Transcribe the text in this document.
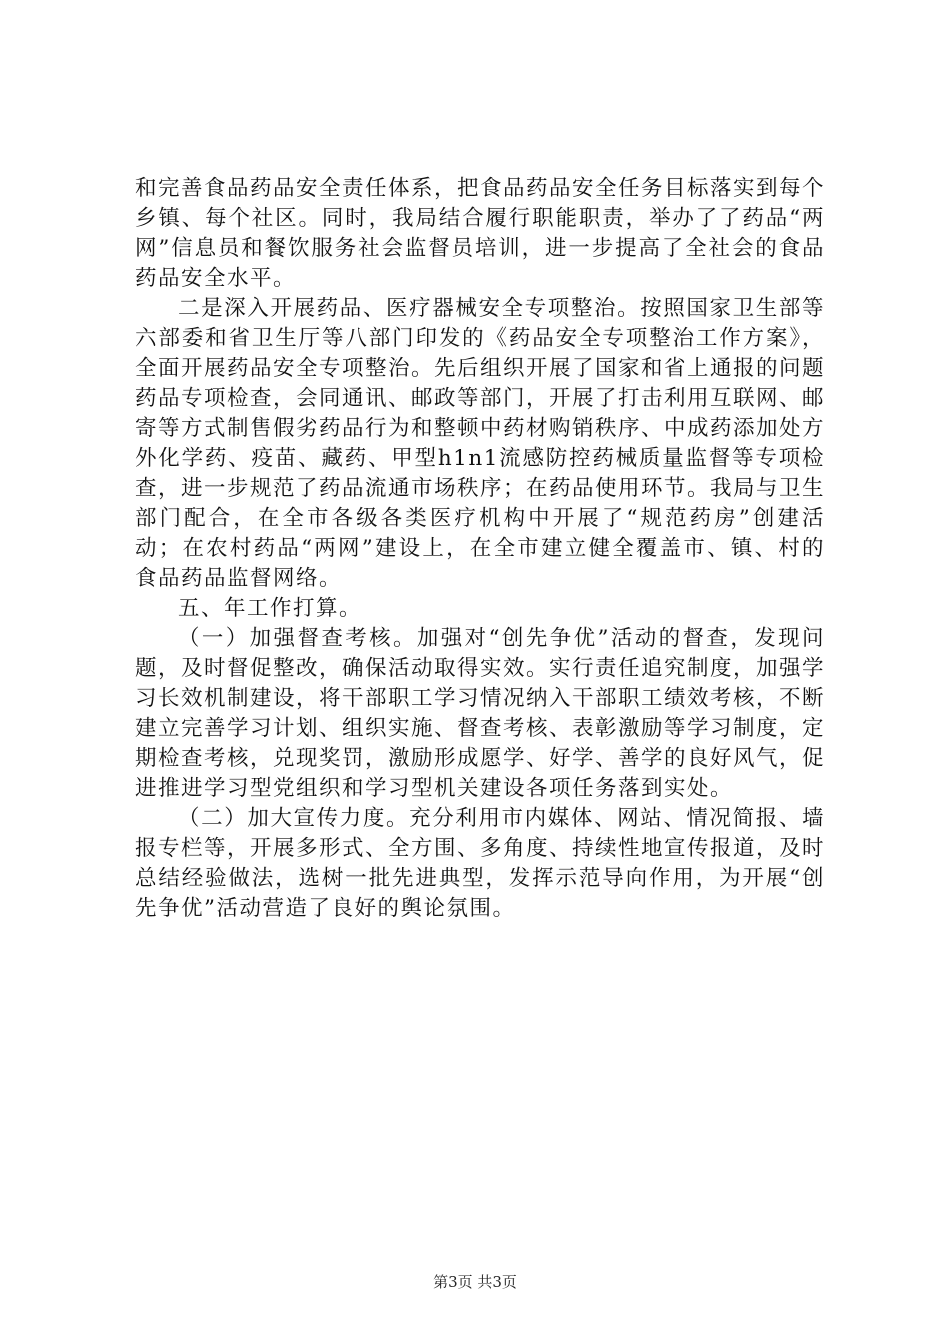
和完善食品药品安全责任体系，把食品药品安全任务目标落实到每个乡镇、每个社区。同时，我局结合履行职能职责，举办了了药品“两网”信息员和餐饮服务社会监督员培训，进一步提高了全社会的食品药品安全水平。

二是深入开展药品、医疗器械安全专项整治。按照国家卫生部等六部委和省卫生厅等八部门印发的《药品安全专项整治工作方案》，全面开展药品安全专项整治。先后组织开展了国家和省上通报的问题药品专项检查，会同通讯、邮政等部门，开展了打击利用互联网、邮寄等方式制售假劣药品行为和整顿中药材购销秩序、中成药添加处方外化学药、疫苗、藏药、甲型h1n1流感防控药械质量监督等专项检查，进一步规范了药品流通市场秩序；在药品使用环节。我局与卫生部门配合，在全市各级各类医疗机构中开展了“规范药房”创建活动；在农村药品“两网”建设上，在全市建立健全覆盖市、镇、村的食品药品监督网络。

五、年工作打算。

（一）加强督查考核。加强对“创先争优”活动的督查，发现问题，及时督促整改，确保活动取得实效。实行责任追究制度，加强学习长效机制建设，将干部职工学习情况纳入干部职工绩效考核，不断建立完善学习计划、组织实施、督查考核、表彰激励等学习制度，定期检查考核，兑现奖罚，激励形成愿学、好学、善学的良好风气，促进推进学习型党组织和学习型机关建设各项任务落到实处。

（二）加大宣传力度。充分利用市内媒体、网站、情况简报、墙报专栏等，开展多形式、全方围、多角度、持续性地宣传报道，及时总结经验做法，选树一批先进典型，发挥示范导向作用，为开展“创先争优”活动营造了良好的舆论氛围。

第3页 共3页
